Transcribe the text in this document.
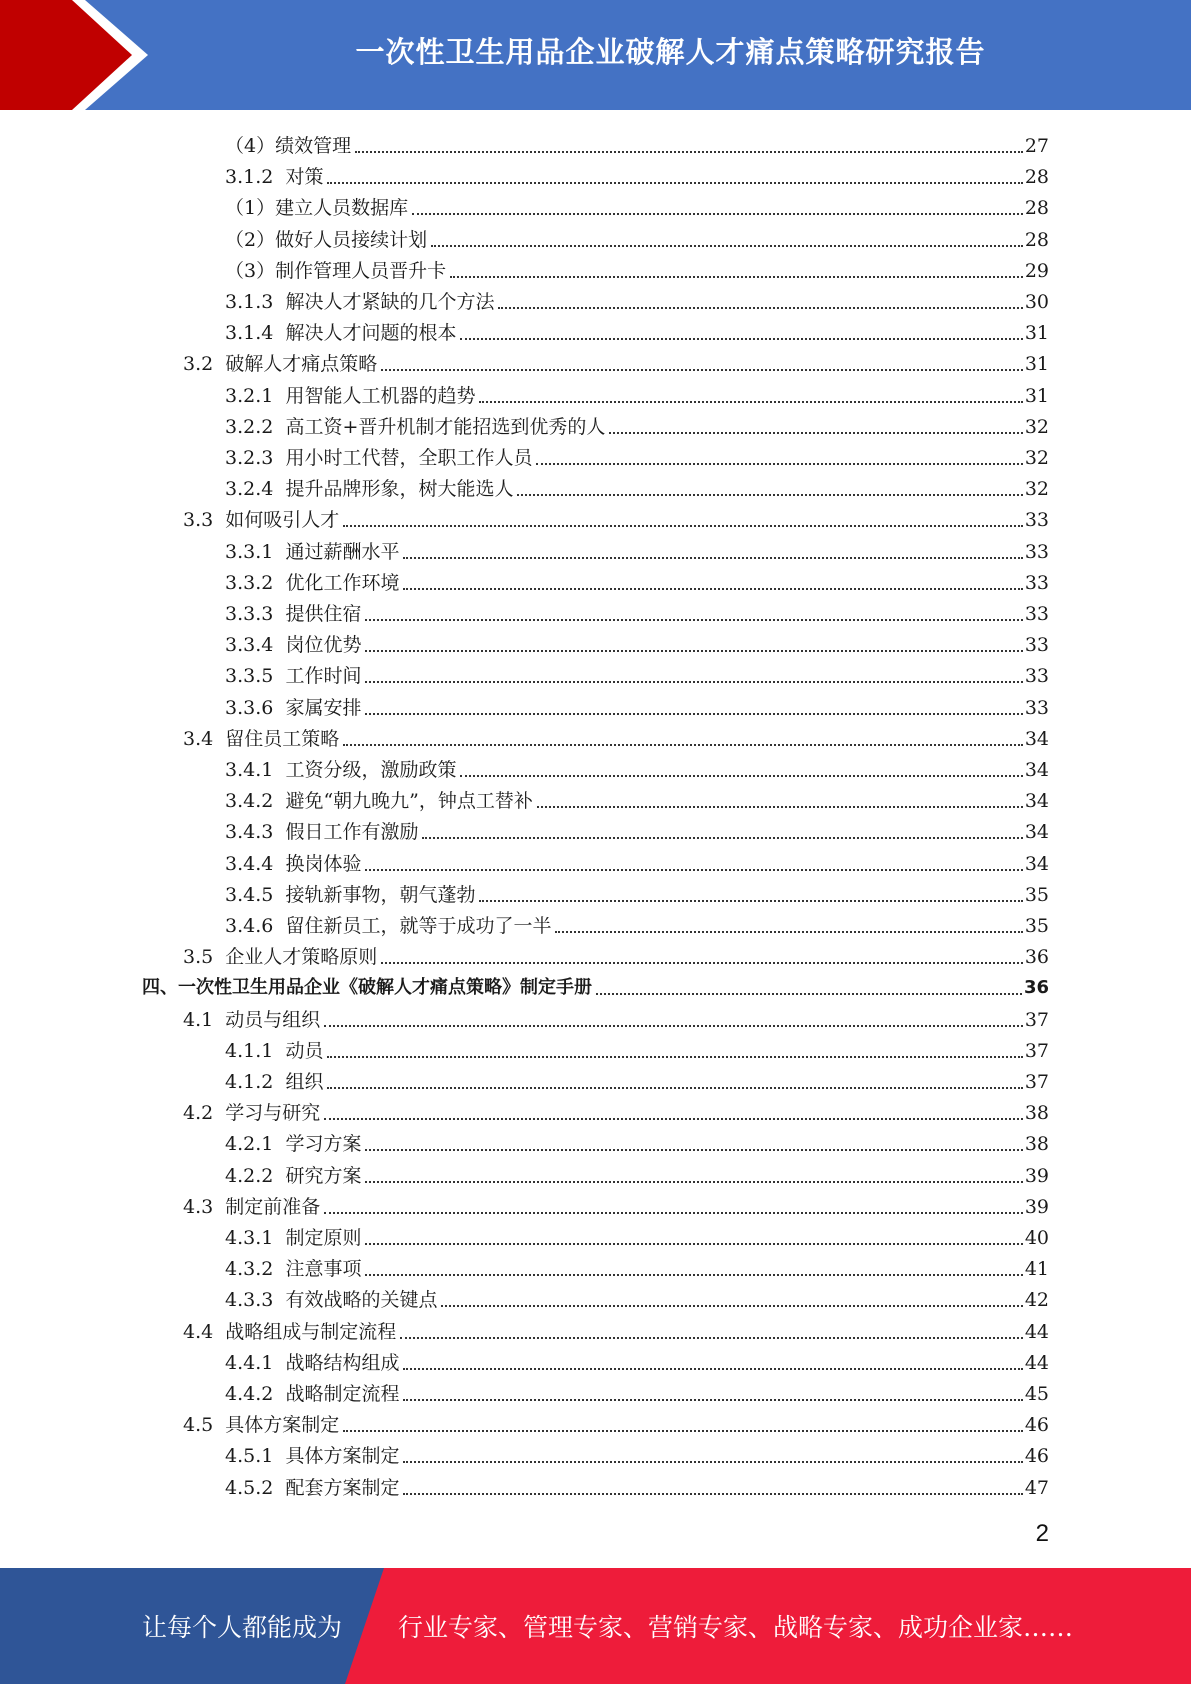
一次性卫生用品企业破解人才痛点策略研究报告
（4） 绩效管理	27
3.1.2 对策	28
（1） 建立人员数据库	28
（2） 做好人员接续计划	28
（3） 制作管理人员晋升卡	29
3.1.3 解决人才紧缺的几个方法	30
3.1.4 解决人才问题的根本	31
3.2 破解人才痛点策略	31
3.2.1 用智能人工机器的趋势	31
3.2.2 高工资+晋升机制才能招选到优秀的人	32
3.2.3 用小时工代替，全职工作人员	32
3.2.4 提升品牌形象，树大能选人	32
3.3 如何吸引人才	33
3.3.1 通过薪酬水平	33
3.3.2 优化工作环境	33
3.3.3 提供住宿	33
3.3.4 岗位优势	33
3.3.5 工作时间	33
3.3.6 家属安排	33
3.4 留住员工策略	34
3.4.1 工资分级，激励政策	34
3.4.2 避免“朝九晚九”，钟点工替补	34
3.4.3 假日工作有激励	34
3.4.4 换岗体验	34
3.4.5 接轨新事物，朝气蓬勃	35
3.4.6 留住新员工，就等于成功了一半	35
3.5 企业人才策略原则	36
四、一次性卫生用品企业《破解人才痛点策略》制定手册	36
4.1 动员与组织	37
4.1.1 动员	37
4.1.2 组织	37
4.2 学习与研究	38
4.2.1 学习方案	38
4.2.2 研究方案	39
4.3 制定前准备	39
4.3.1 制定原则	40
4.3.2 注意事项	41
4.3.3 有效战略的关键点	42
4.4 战略组成与制定流程	44
4.4.1 战略结构组成	44
4.4.2 战略制定流程	45
4.5 具体方案制定	46
4.5.1 具体方案制定	46
4.5.2 配套方案制定	47
2
让每个人都能成为 行业专家、管理专家、营销专家、战略专家、成功企业家……
